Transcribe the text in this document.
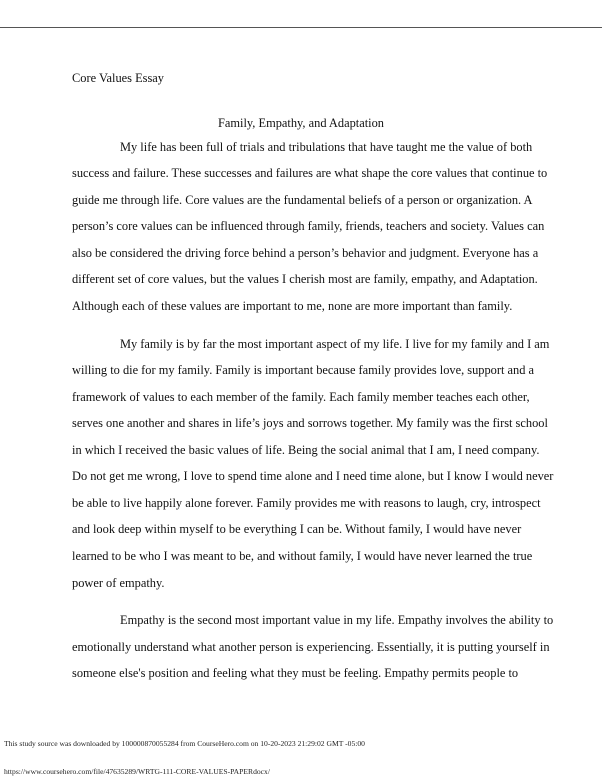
Core Values Essay
Family, Empathy, and Adaptation
My life has been full of trials and tribulations that have taught me the value of both
success and failure. These successes and failures are what shape the core values that continue to
guide me through life. Core values are the fundamental beliefs of a person or organization. A
person’s core values can be influenced through family, friends, teachers and society. Values can
also be considered the driving force behind a person’s behavior and judgment. Everyone has a
different set of core values, but the values I cherish most are family, empathy, and Adaptation.
Although each of these values are important to me, none are more important than family.
My family is by far the most important aspect of my life. I live for my family and I am
willing to die for my family. Family is important because family provides love, support and a
framework of values to each member of the family. Each family member teaches each other,
serves one another and shares in life’s joys and sorrows together. My family was the first school
in which I received the basic values of life. Being the social animal that I am, I need company.
Do not get me wrong, I love to spend time alone and I need time alone, but I know I would never
be able to live happily alone forever. Family provides me with reasons to laugh, cry, introspect
and look deep within myself to be everything I can be. Without family, I would have never
learned to be who I was meant to be, and without family, I would have never learned the true
power of empathy.
Empathy is the second most important value in my life. Empathy involves the ability to
emotionally understand what another person is experiencing. Essentially, it is putting yourself in
someone else's position and feeling what they must be feeling. Empathy permits people to
This study source was downloaded by 100000870055284 from CourseHero.com on 10-20-2023 21:29:02 GMT -05:00
https://www.coursehero.com/file/47635289/WRTG-111-CORE-VALUES-PAPERdocx/
